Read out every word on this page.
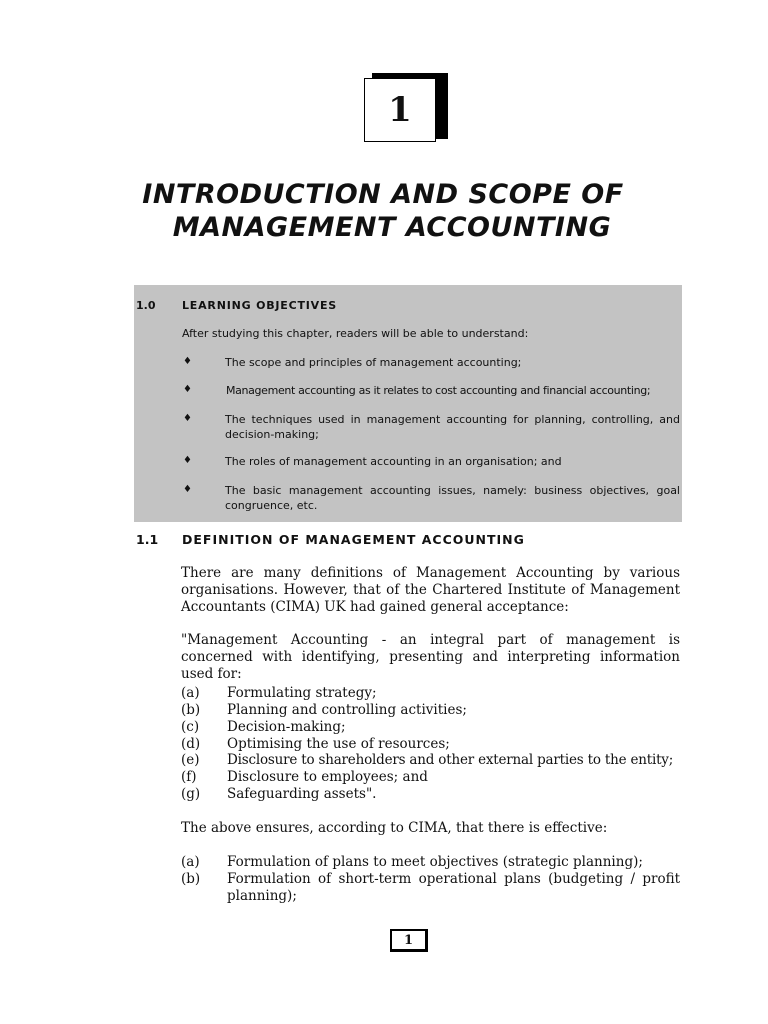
1
INTRODUCTION AND SCOPE OF
MANAGEMENT ACCOUNTING
1.0 LEARNING OBJECTIVES
After studying this chapter, readers will be able to understand:
♦	The scope and principles of management accounting;
♦	Management accounting as it relates to cost accounting and financial accounting;
♦	The techniques used in management accounting for planning, controlling, and decision-making;
♦	The roles of management accounting in an organisation; and
♦	The basic management accounting issues, namely: business objectives, goal congruence, etc.
1.1 DEFINITION OF MANAGEMENT ACCOUNTING
There are many definitions of Management Accounting by various organisations. However, that of the Chartered Institute of Management Accountants (CIMA) UK had gained general acceptance:
"Management Accounting - an integral part of management is concerned with identifying, presenting and interpreting information used for:
(a) Formulating strategy;
(b) Planning and controlling activities;
(c) Decision-making;
(d) Optimising the use of resources;
(e) Disclosure to shareholders and other external parties to the entity;
(f) Disclosure to employees; and
(g) Safeguarding assets".
The above ensures, according to CIMA, that there is effective:
(a) Formulation of plans to meet objectives (strategic planning);
(b) Formulation of short-term operational plans (budgeting / profit planning);
1
